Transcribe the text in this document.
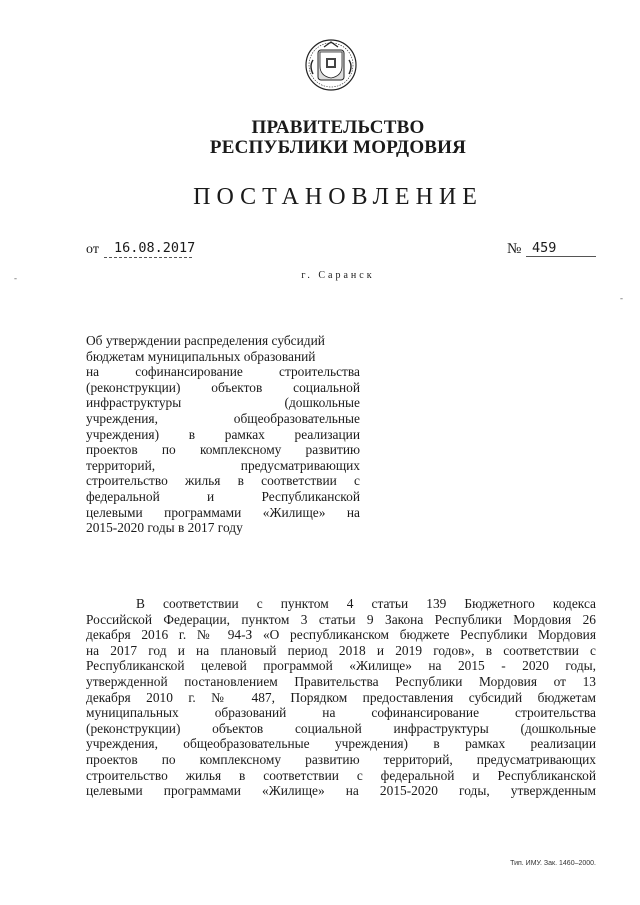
ПРАВИТЕЛЬСТВО
РЕСПУБЛИКИ МОРДОВИЯ
ПОСТАНОВЛЕНИЕ
от	16.08.2017	№ 459
г. Саранск
Об утверждении распределения субсидий
бюджетам муниципальных образований
на софинансирование строительства
(реконструкции) объектов социальной
инфраструктуры (дошкольные
учреждения, общеобразовательные
учреждения) в рамках реализации
проектов по комплексному развитию
территорий, предусматривающих
строительство жилья в соответствии с
федеральной и Республиканской
целевыми программами «Жилище» на
2015-2020 годы в 2017 году
В соответствии с пунктом 4 статьи 139 Бюджетного кодекса
Российской Федерации, пунктом 3 статьи 9 Закона Республики Мордовия 26
декабря 2016 г. № 94-З «О республиканском бюджете Республики Мордовия
на 2017 год и на плановый период 2018 и 2019 годов», в соответствии с
Республиканской целевой программой «Жилище» на 2015 - 2020 годы,
утвержденной постановлением Правительства Республики Мордовия от 13
декабря 2010 г. № 487, Порядком предоставления субсидий бюджетам
муниципальных образований на софинансирование строительства
(реконструкции) объектов социальной инфраструктуры (дошкольные
учреждения, общеобразовательные учреждения) в рамках реализации
проектов по комплексному развитию территорий, предусматривающих
строительство жилья в соответствии с федеральной и Республиканской
целевыми программами «Жилище» на 2015-2020 годы, утвержденным
Тип. ИМУ. Зак. 1460–2000.
-
-
